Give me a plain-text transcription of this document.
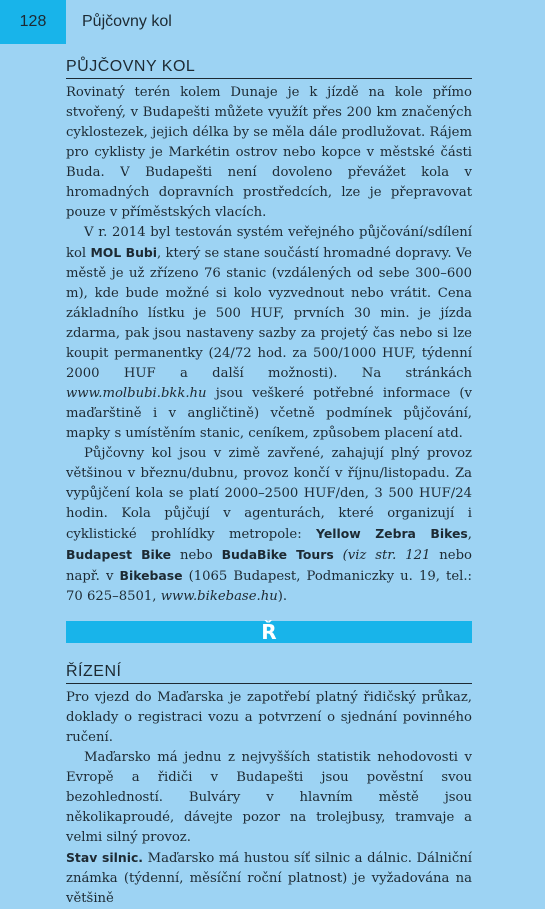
128	Půjčovny kol
PŮJČOVNY KOL

Rovinatý terén kolem Dunaje je k jízdě na kole přímo stvořený, v Budapešti můžete využít přes 200 km značených cyklostezek, jejich délka by se měla dále prodlužovat. Rájem pro cyklisty je Markétin ostrov nebo kopce v městské části Buda. V Budapešti není dovoleno převážet kola v hromadných dopravních prostředcích, lze je přepravovat pouze v příměstských vlacích.

V r. 2014 byl testován systém veřejného půjčování/sdílení kol MOL Bubi, který se stane součástí hromadné dopravy. Ve městě je už zřízeno 76 stanic (vzdálených od sebe 300–600 m), kde bude možné si kolo vyzvednout nebo vrátit. Cena základního lístku je 500 HUF, prvních 30 min. je jízda zdarma, pak jsou nastaveny sazby za projetý čas nebo si lze koupit permanentky (24/72 hod. za 500/1000 HUF, týdenní 2000 HUF a další možnosti). Na stránkách www.molbubi.bkk.hu jsou veškeré potřebné informace (v maďarštině i v angličtině) včetně podmínek půjčování, mapky s umístěním stanic, ceníkem, způsobem placení atd.

Půjčovny kol jsou v zimě zavřené, zahajují plný provoz většinou v březnu/dubnu, provoz končí v říjnu/listopadu. Za vypůjčení kola se platí 2000–2500 HUF/den, 3 500 HUF/24 hodin. Kola půjčují v agenturách, které organizují i cyklistické prohlídky metropole: Yellow Zebra Bikes, Budapest Bike nebo BudaBike Tours (viz str. 121 nebo např. v Bikebase (1065 Budapest, Podmaniczky u. 19, tel.: 70 625–8501, www.bikebase.hu).

Ř
ŘÍZENÍ

Pro vjezd do Maďarska je zapotřebí platný řidičský průkaz, doklady o registraci vozu a potvrzení o sjednání povinného ručení.

Maďarsko má jednu z nejvyšších statistik nehodovosti v Evropě a řidiči v Budapešti jsou pověstní svou bezohledností. Bulváry v hlavním městě jsou několikaproudé, dávejte pozor na trolejbusy, tramvaje a velmi silný provoz.

Stav silnic. Maďarsko má hustou síť silnic a dálnic. Dálniční známka (týdenní, měsíční roční platnost) je vyžadována na většině
